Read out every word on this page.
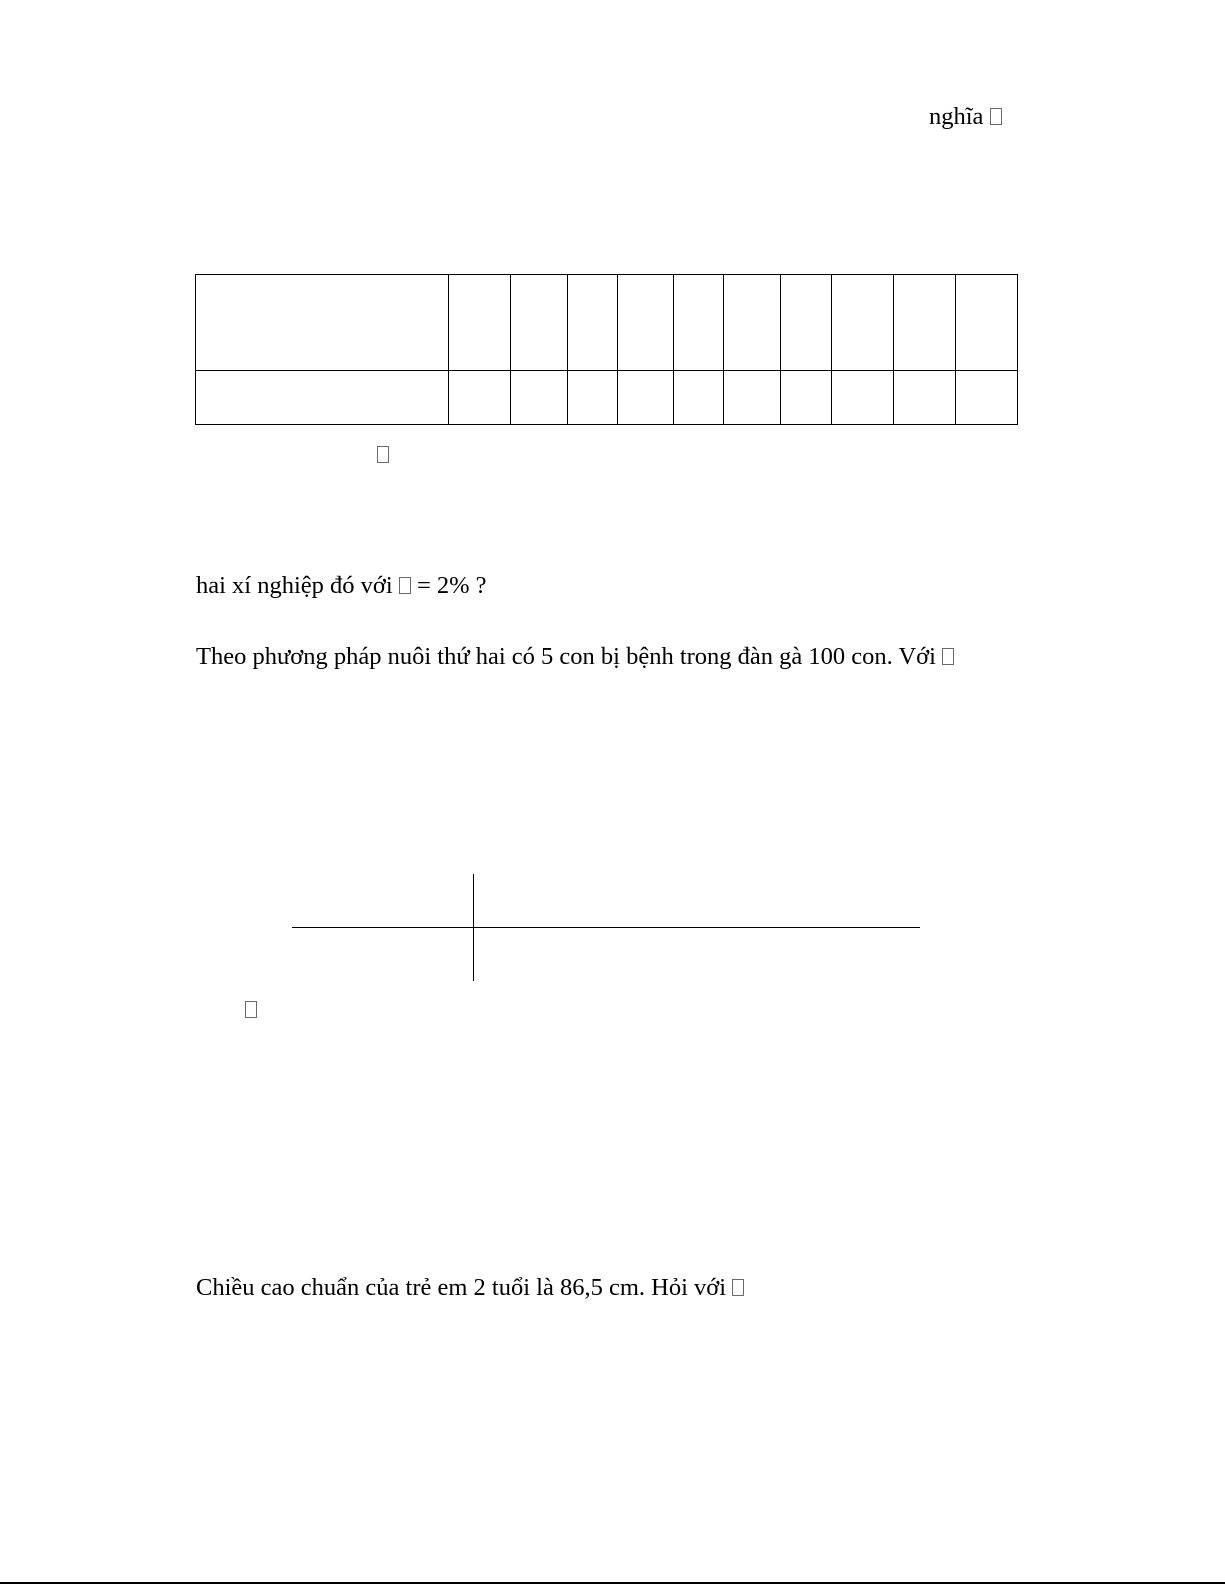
nghĩa

hai xí nghiệp đó với = 2% ?
Theo phương pháp nuôi thứ hai có 5 con bị bệnh trong đàn gà 100 con. Với
Chiều cao chuẩn của trẻ em 2 tuổi là 86,5 cm. Hỏi với
